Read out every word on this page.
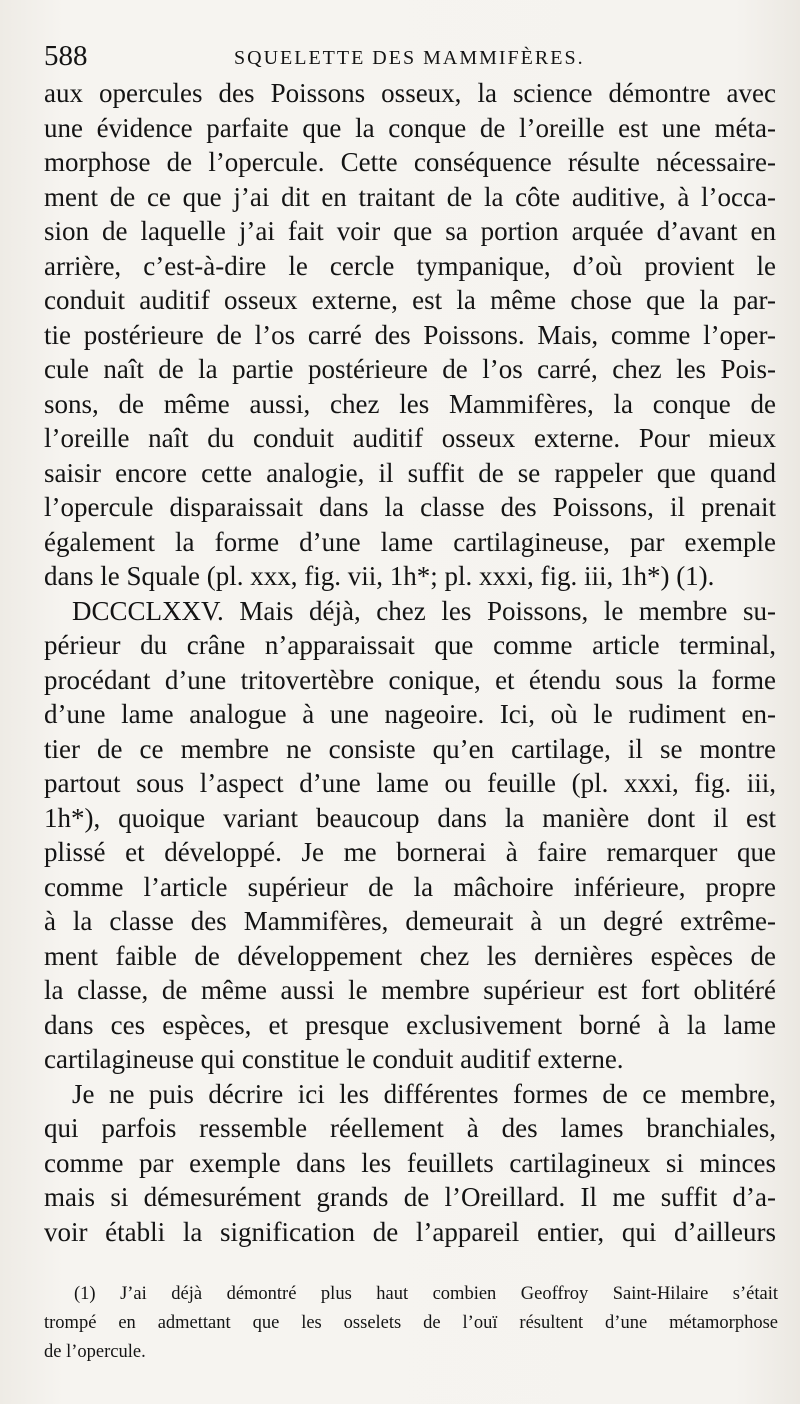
588	SQUELETTE DES MAMMIFÈRES.
aux opercules des Poissons osseux, la science démontre avec
une évidence parfaite que la conque de l’oreille est une méta-
morphose de l’opercule. Cette conséquence résulte nécessaire-
ment de ce que j’ai dit en traitant de la côte auditive, à l’occa-
sion de laquelle j’ai fait voir que sa portion arquée d’avant en
arrière, c’est-à-dire le cercle tympanique, d’où provient le
conduit auditif osseux externe, est la même chose que la par-
tie postérieure de l’os carré des Poissons. Mais, comme l’oper-
cule naît de la partie postérieure de l’os carré, chez les Pois-
sons, de même aussi, chez les Mammifères, la conque de
l’oreille naît du conduit auditif osseux externe. Pour mieux
saisir encore cette analogie, il suffit de se rappeler que quand
l’opercule disparaissait dans la classe des Poissons, il prenait
également la forme d’une lame cartilagineuse, par exemple
dans le Squale (pl. xxx, fig. vii, 1h*; pl. xxxi, fig. iii, 1h*) (1).
DCCCLXXV. Mais déjà, chez les Poissons, le membre su-
périeur du crâne n’apparaissait que comme article terminal,
procédant d’une tritovertèbre conique, et étendu sous la forme
d’une lame analogue à une nageoire. Ici, où le rudiment en-
tier de ce membre ne consiste qu’en cartilage, il se montre
partout sous l’aspect d’une lame ou feuille (pl. xxxi, fig. iii,
1h*), quoique variant beaucoup dans la manière dont il est
plissé et développé. Je me bornerai à faire remarquer que
comme l’article supérieur de la mâchoire inférieure, propre
à la classe des Mammifères, demeurait à un degré extrême-
ment faible de développement chez les dernières espèces de
la classe, de même aussi le membre supérieur est fort oblitéré
dans ces espèces, et presque exclusivement borné à la lame
cartilagineuse qui constitue le conduit auditif externe.
Je ne puis décrire ici les différentes formes de ce membre,
qui parfois ressemble réellement à des lames branchiales,
comme par exemple dans les feuillets cartilagineux si minces
mais si démesurément grands de l’Oreillard. Il me suffit d’a-
voir établi la signification de l’appareil entier, qui d’ailleurs
(1) J’ai déjà démontré plus haut combien Geoffroy Saint-Hilaire s’était
trompé en admettant que les osselets de l’ouï résultent d’une métamorphose
de l’opercule.
